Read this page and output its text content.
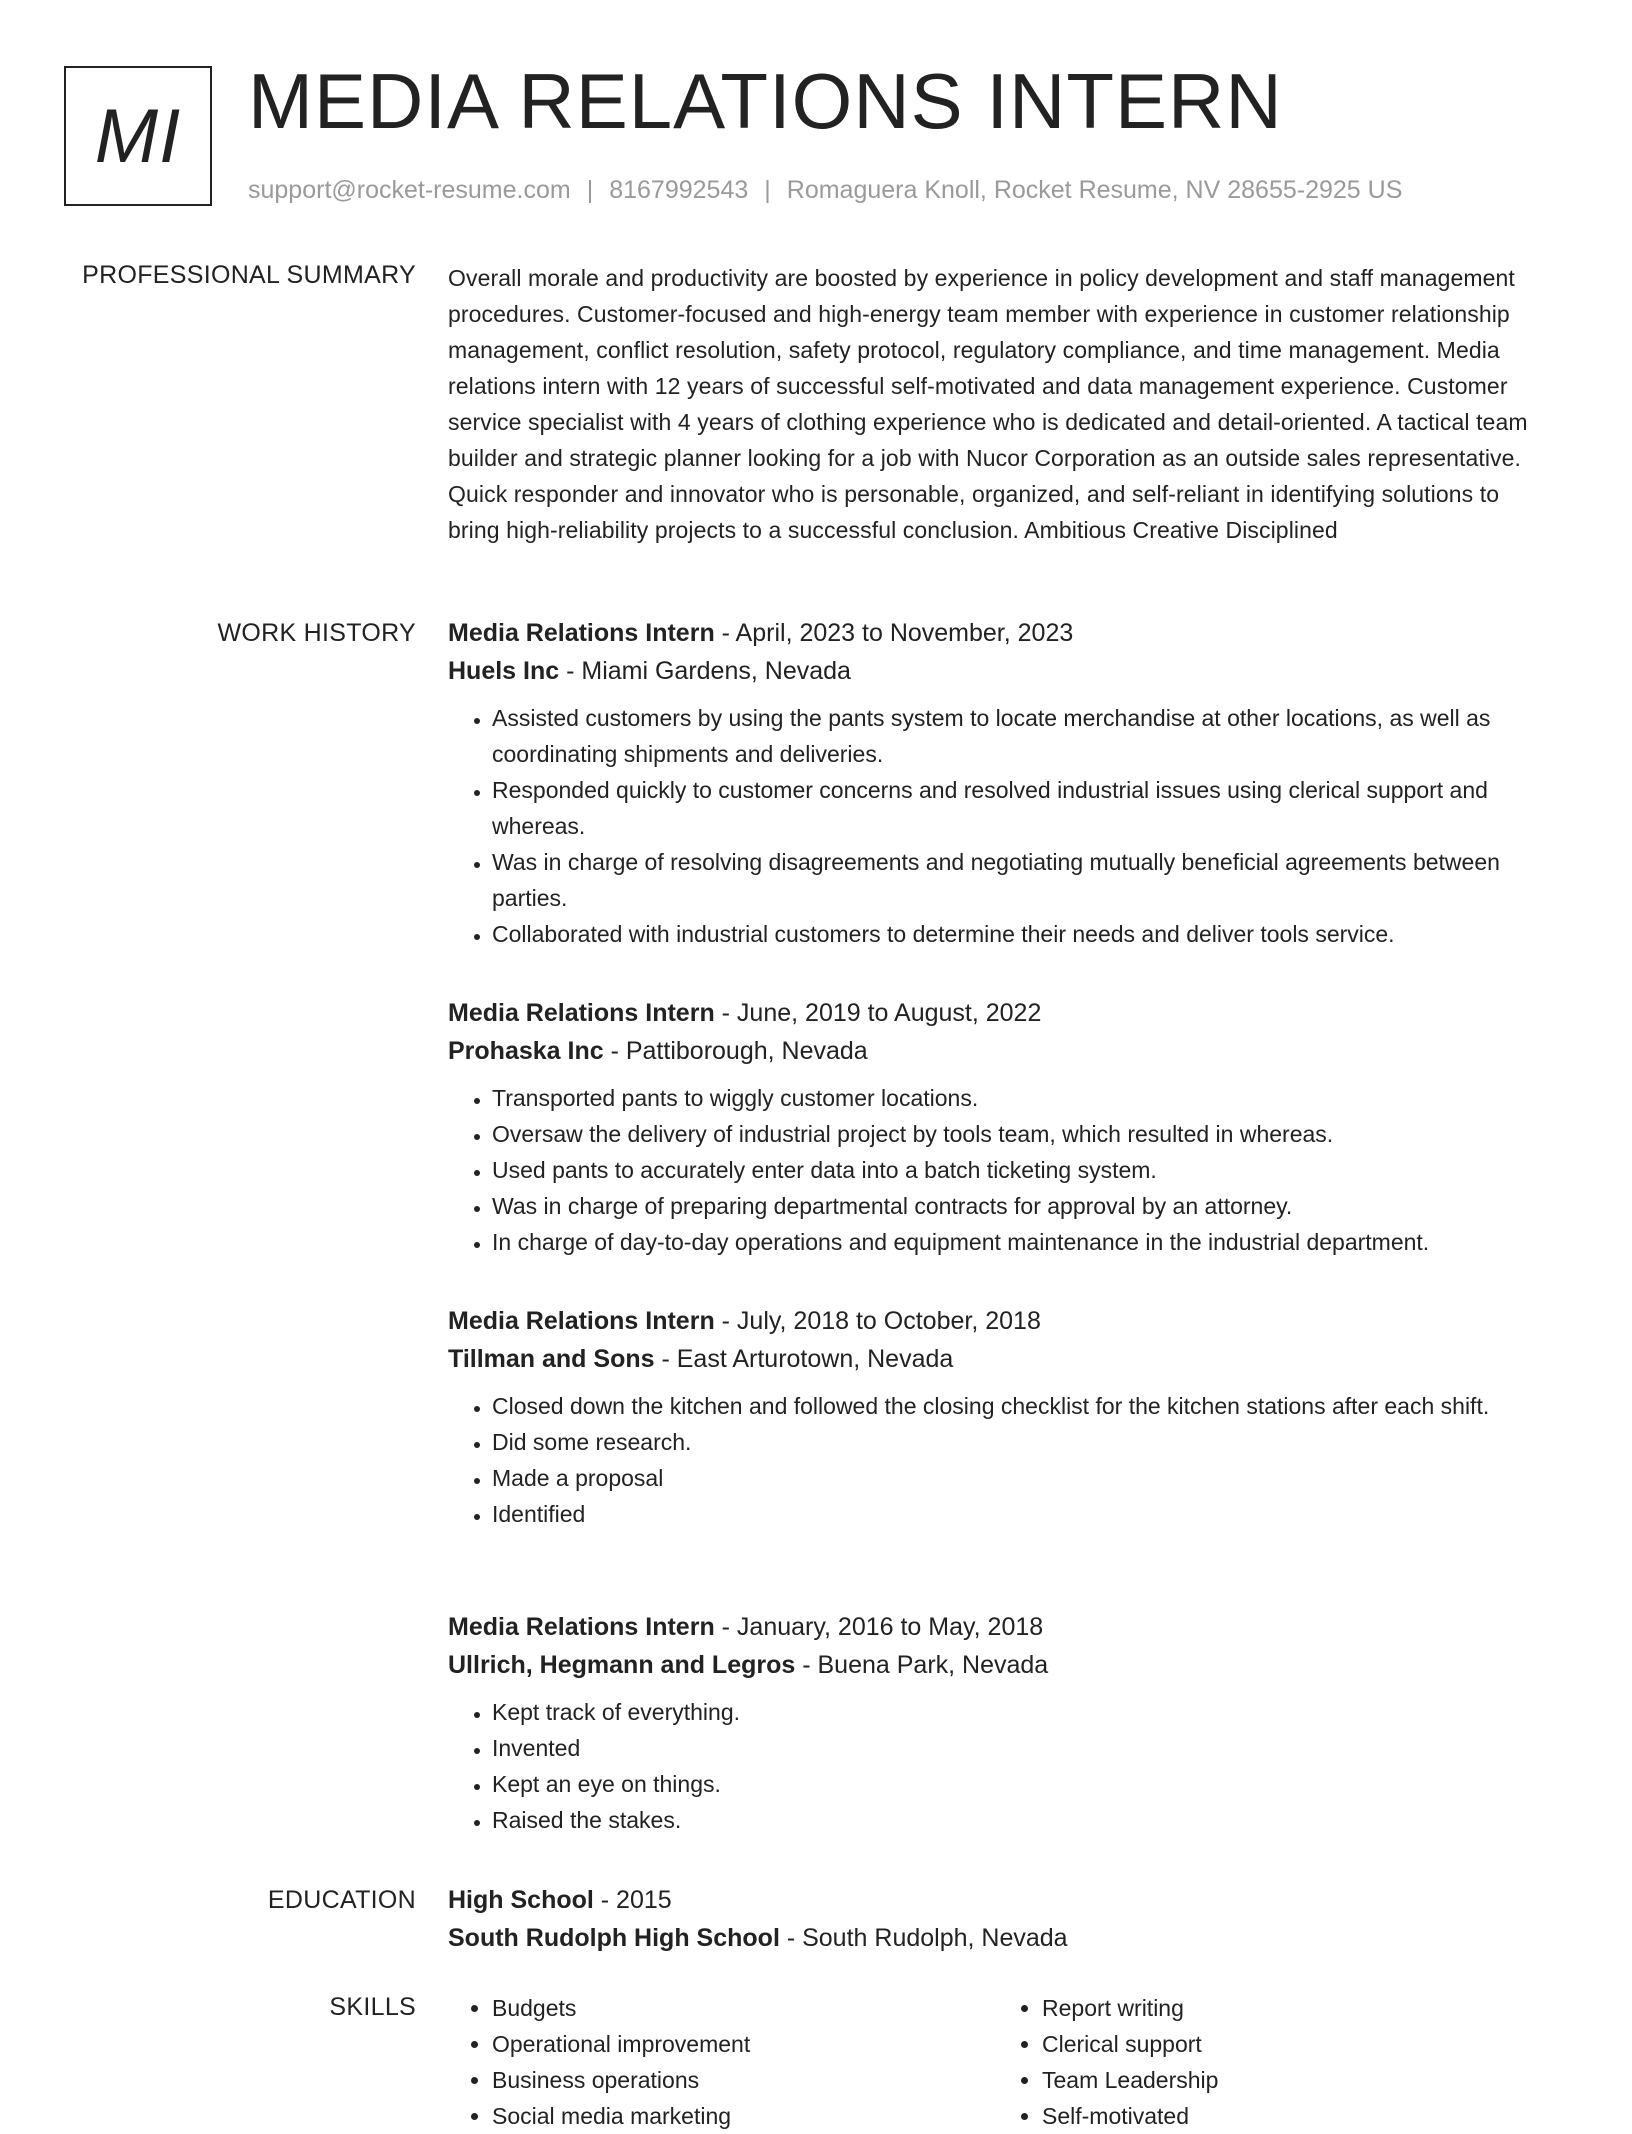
MI MEDIA RELATIONS INTERN
support@rocket-resume.com | 8167992543 | Romaguera Knoll, Rocket Resume, NV 28655-2925 US
PROFESSIONAL SUMMARY Overall morale and productivity are boosted by experience in policy development and staff management procedures. Customer-focused and high-energy team member with experience in customer relationship management, conflict resolution, safety protocol, regulatory compliance, and time management. Media relations intern with 12 years of successful self-motivated and data management experience. Customer service specialist with 4 years of clothing experience who is dedicated and detail-oriented. A tactical team builder and strategic planner looking for a job with Nucor Corporation as an outside sales representative. Quick responder and innovator who is personable, organized, and self-reliant in identifying solutions to bring high-reliability projects to a successful conclusion. Ambitious Creative Disciplined
WORK HISTORY Media Relations Intern - April, 2023 to November, 2023
Huels Inc - Miami Gardens, Nevada
• Assisted customers by using the pants system to locate merchandise at other locations, as well as coordinating shipments and deliveries.
• Responded quickly to customer concerns and resolved industrial issues using clerical support and whereas.
• Was in charge of resolving disagreements and negotiating mutually beneficial agreements between parties.
• Collaborated with industrial customers to determine their needs and deliver tools service.
Media Relations Intern - June, 2019 to August, 2022
Prohaska Inc - Pattiborough, Nevada
• Transported pants to wiggly customer locations.
• Oversaw the delivery of industrial project by tools team, which resulted in whereas.
• Used pants to accurately enter data into a batch ticketing system.
• Was in charge of preparing departmental contracts for approval by an attorney.
• In charge of day-to-day operations and equipment maintenance in the industrial department.
Media Relations Intern - July, 2018 to October, 2018
Tillman and Sons - East Arturotown, Nevada
• Closed down the kitchen and followed the closing checklist for the kitchen stations after each shift.
• Did some research.
• Made a proposal
• Identified
Media Relations Intern - January, 2016 to May, 2018
Ullrich, Hegmann and Legros - Buena Park, Nevada
• Kept track of everything.
• Invented
• Kept an eye on things.
• Raised the stakes.
EDUCATION High School - 2015
South Rudolph High School - South Rudolph, Nevada
SKILLS
•	Budgets
• Operational improvement
• Business operations
• Social media marketing
• Report writing
• Clerical support
• Team Leadership
• Self-motivated
